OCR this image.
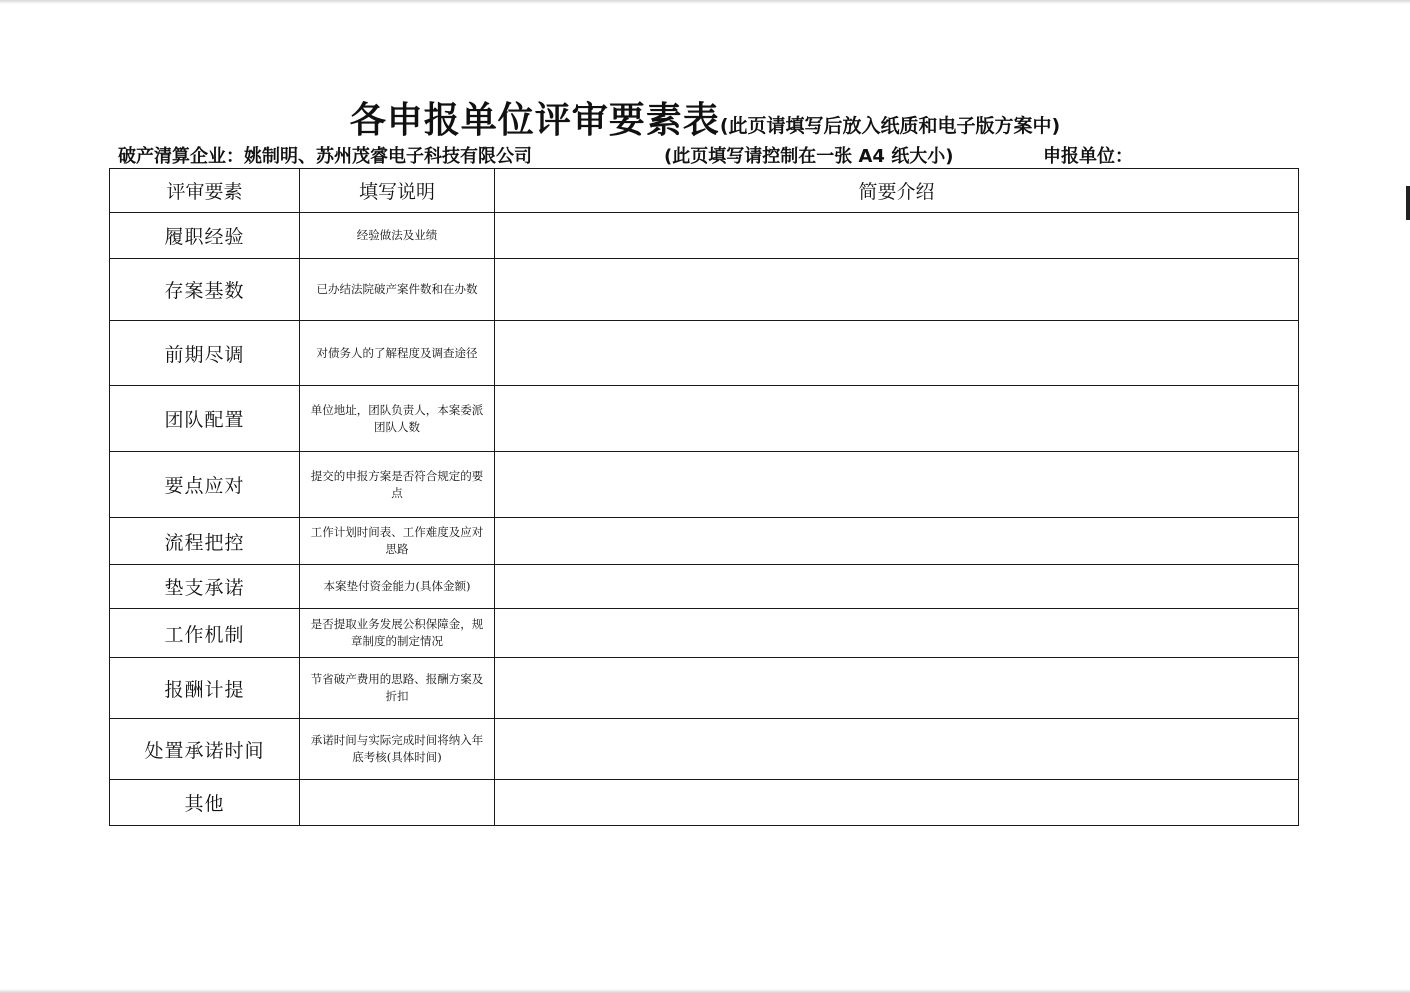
各申报单位评审要素表(此页请填写后放入纸质和电子版方案中)
破产清算企业：姚制明、苏州茂睿电子科技有限公司	(此页填写请控制在一张 A4 纸大小)	申报单位：
评审要素	填写说明	简要介绍
履职经验	经验做法及业绩	
存案基数	已办结法院破产案件数和在办数	
前期尽调	对债务人的了解程度及调查途径	
团队配置	单位地址，团队负责人，本案委派团队人数	
要点应对	提交的申报方案是否符合规定的要点	
流程把控	工作计划时间表、工作难度及应对思路	
垫支承诺	本案垫付资金能力(具体金额)	
工作机制	是否提取业务发展公积保障金，规章制度的制定情况	
报酬计提	节省破产费用的思路、报酬方案及折扣	
处置承诺时间	承诺时间与实际完成时间将纳入年底考核(具体时间)	
其他		
